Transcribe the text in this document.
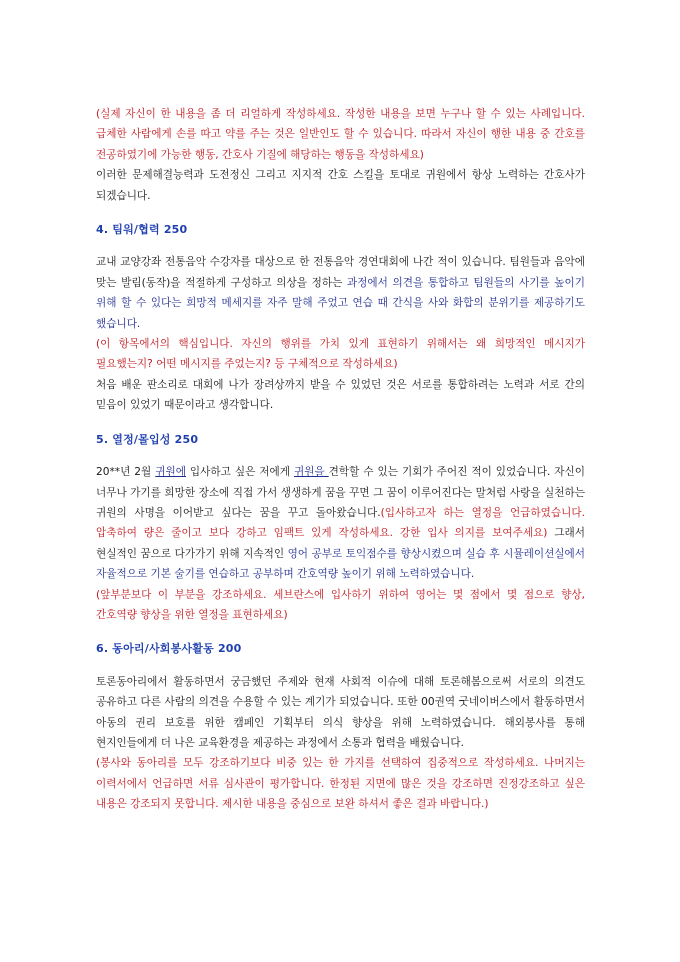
(실제 자신이 한 내용을 좀 더 리얼하게 작성하세요. 작성한 내용을 보면 누구나 할 수 있는 사례입니다. 급체한 사람에게 손를 따고 약를 주는 것은 일반인도 할 수 있습니다. 따라서 자신이 행한 내용 중 간호를 전공하였기에 가능한 행동, 간호사 기질에 해당하는 행동을 작성하세요)

이러한 문제해결능력과 도전정신 그리고 지지적 간호 스킬을 토대로 귀원에서 항상 노력하는 간호사가 되겠습니다.

4. 팀워/협력 250

교내 교양강좌 전통음악 수강자를 대상으로 한 전통음악 경연대회에 나간 적이 있습니다. 팀원들과 음악에 맞는 발림(동작)을 적절하게 구성하고 의상을 정하는 과정에서 의견을 통합하고 팀원들의 사기를 높이기 위해 할 수 있다는 희망적 메세지를 자주 말해 주었고 연습 때 간식을 사와 화합의 분위기를 제공하기도 했습니다.

(이 항목에서의 핵심입니다. 자신의 행위를 가치 있게 표현하기 위해서는 왜 희망적인 메시지가 필요했는지? 어떤 메시지를 주었는지? 등 구체적으로 작성하세요)

처음 배운 판소리로 대회에 나가 장려상까지 받을 수 있었던 것은 서로를 통합하려는 노력과 서로 간의 믿음이 있었기 때문이라고 생각합니다.

5. 열정/몰입성 250

20**년 2월 귀원에 입사하고 싶은 저에게 귀원을 견학할 수 있는 기회가 주어진 적이 있었습니다. 자신이 너무나 가기를 희망한 장소에 직접 가서 생생하게 꿈을 꾸면 그 꿈이 이루어진다는 말처럼 사랑을 실천하는 귀원의 사명을 이어받고 싶다는 꿈을 꾸고 돌아왔습니다.(입사하고자 하는 열정을 언급하였습니다. 압축하여 량은 줄이고 보다 강하고 임팩트 있게 작성하세요. 강한 입사 의지를 보여주세요) 그래서 현실적인 꿈으로 다가가기 위해 지속적인 영어 공부로 토익점수를 향상시켰으며 실습 후 시뮬레이션실에서 자율적으로 기본 술기를 연습하고 공부하며 간호역량 높이기 위해 노력하였습니다.

(앞부분보다 이 부분을 강조하세요. 세브란스에 입사하기 위하여 영어는 몇 점에서 몇 점으로 향상, 간호역량 향상을 위한 열정을 표현하세요)

6. 동아리/사회봉사활동 200

토론동아리에서 활동하면서 궁금했던 주제와 현재 사회적 이슈에 대해 토론해봄으로써 서로의 의견도 공유하고 다른 사람의 의견을 수용할 수 있는 계기가 되었습니다. 또한 00권역 굿네이버스에서 활동하면서 아동의 권리 보호를 위한 캠페인 기획부터 의식 향상을 위해 노력하였습니다. 해외봉사를 통해 현지인들에게 더 나은 교육환경을 제공하는 과정에서 소통과 협력을 배웠습니다.

(봉사와 동아리를 모두 강조하기보다 비중 있는 한 가지를 선택하여 집중적으로 작성하세요. 나머지는 이력서에서 언급하면 서류 심사관이 평가합니다. 한정된 지면에 많은 것을 강조하면 진정강조하고 싶은 내용은 강조되지 못합니다. 제시한 내용을 중심으로 보완 하셔서 좋은 결과 바랍니다.)
